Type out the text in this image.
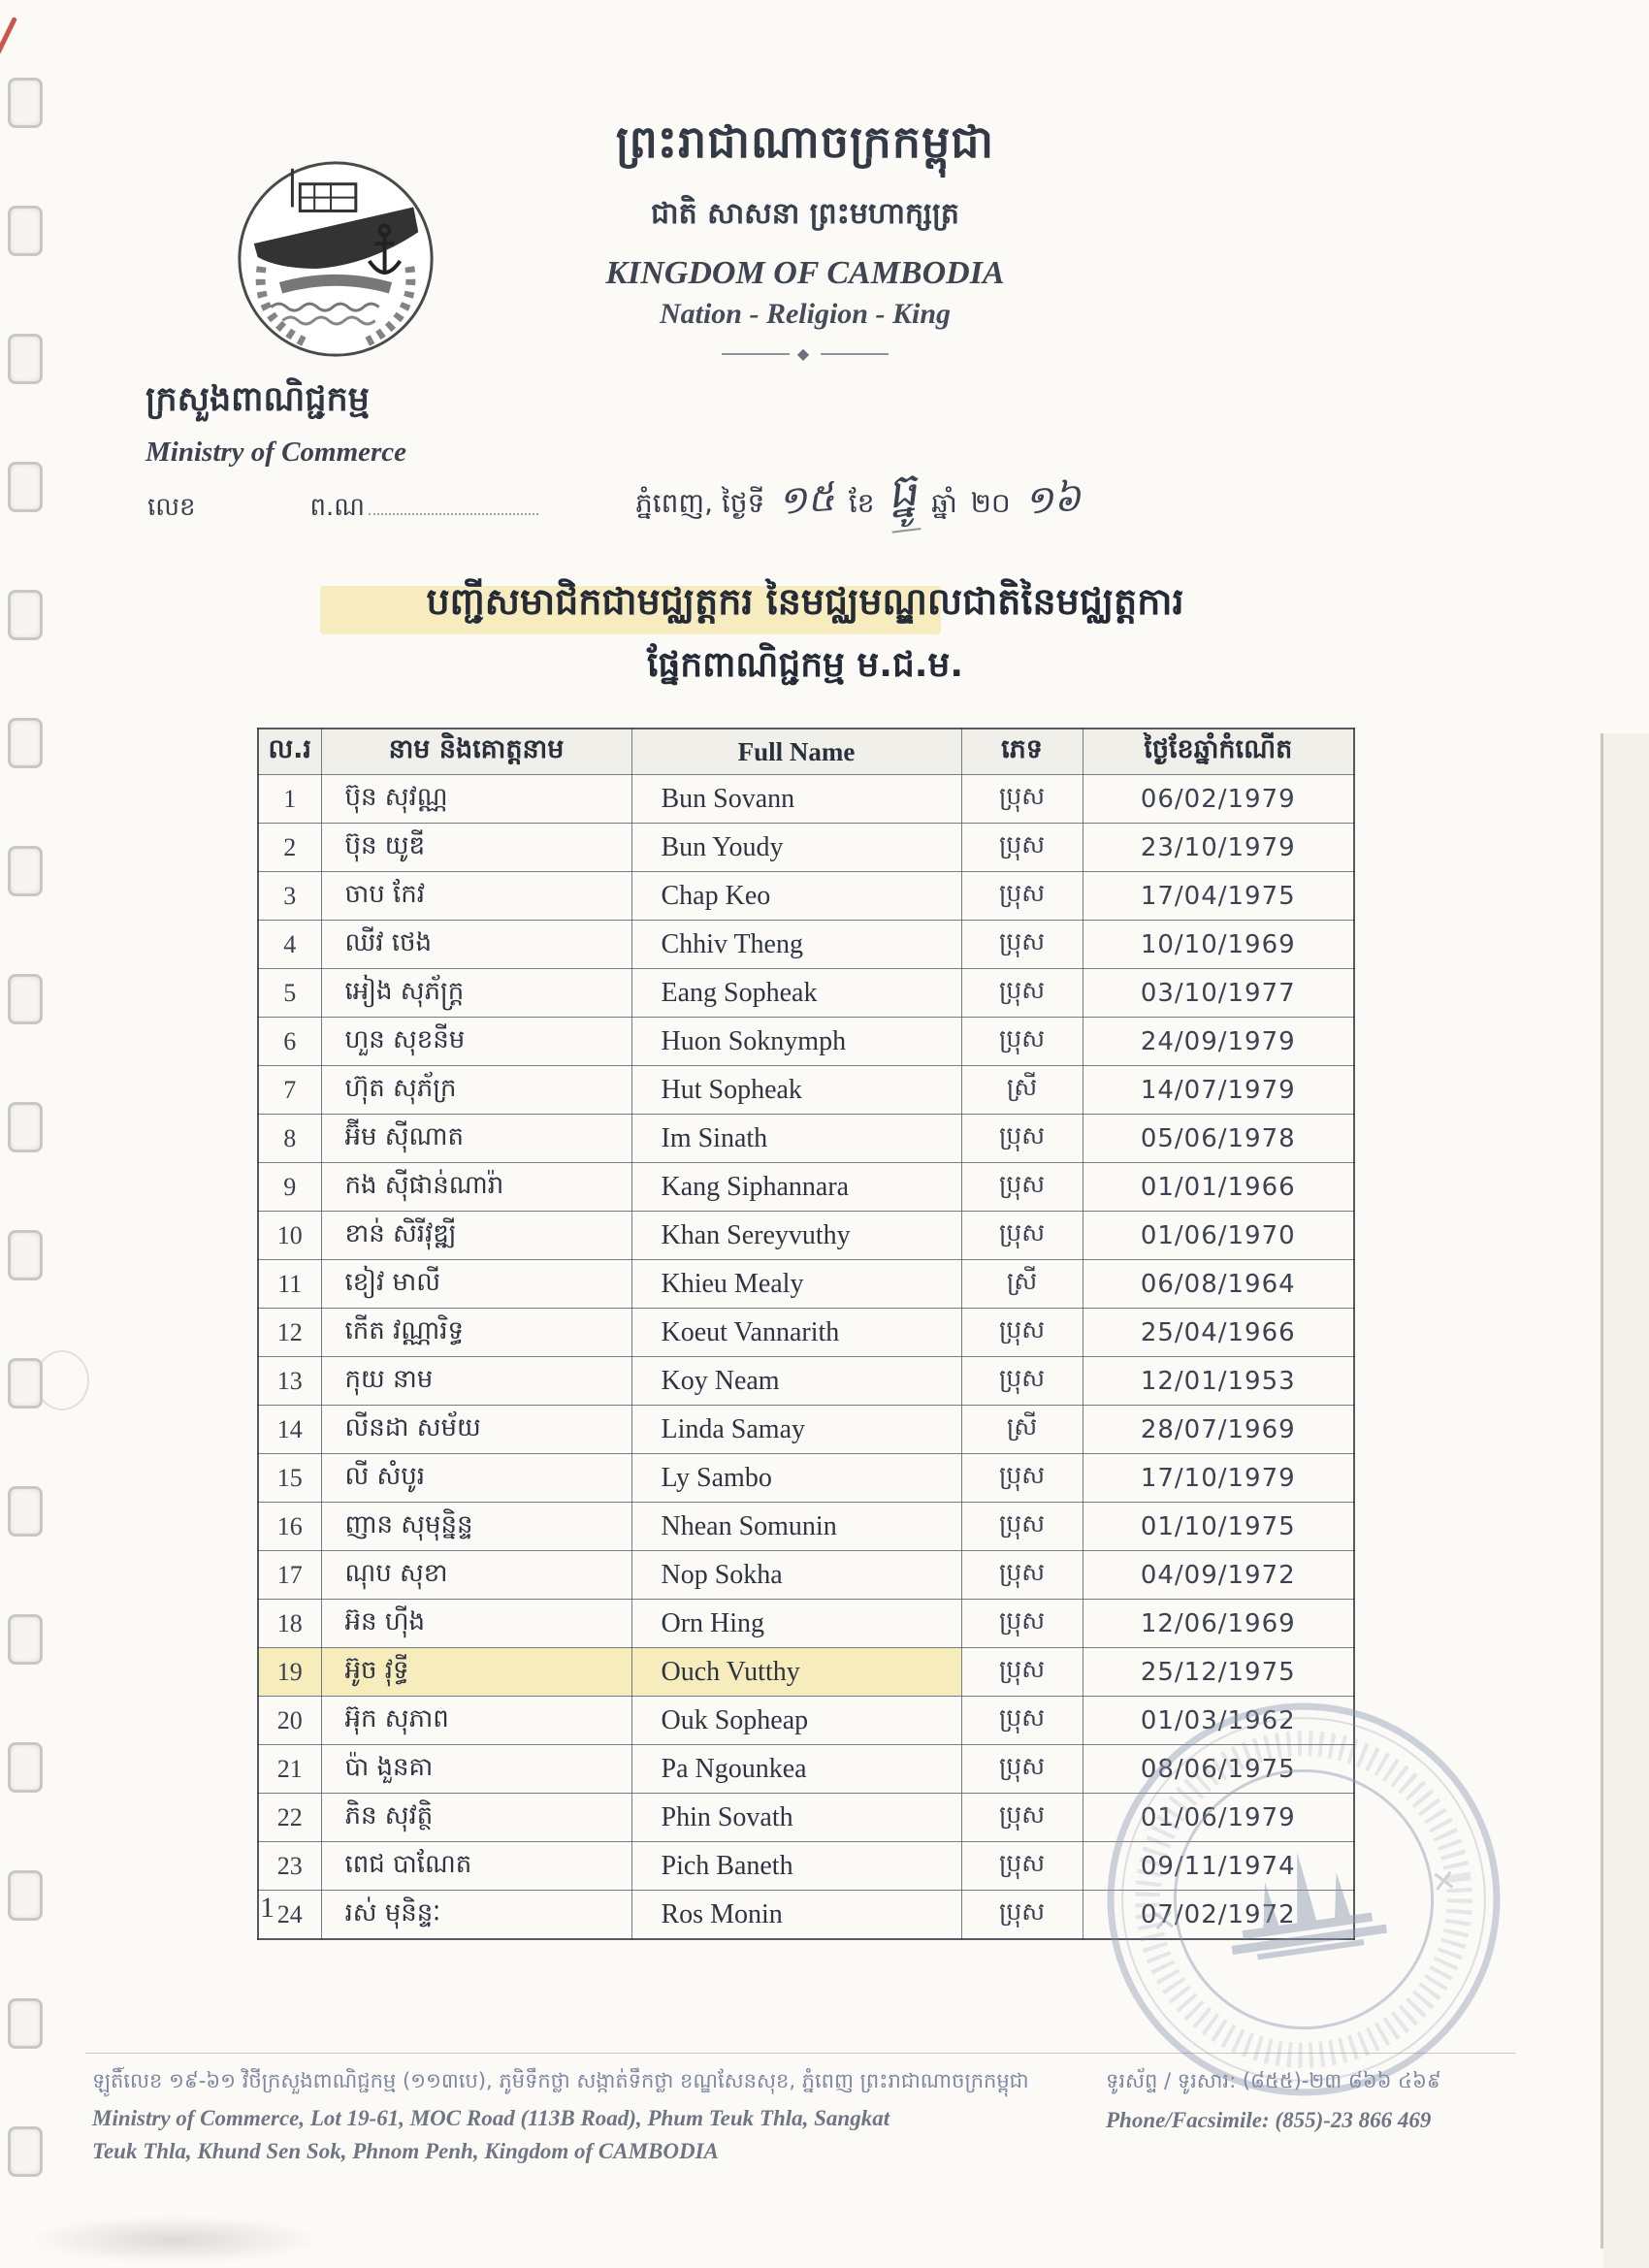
ព្រះរាជាណាចក្រកម្ពុជា
ជាតិ សាសនា ព្រះមហាក្សត្រ
KINGDOM OF CAMBODIA
Nation - Religion - King
◆
ក្រសួងពាណិជ្ជកម្ម
Ministry of Commerce
លេខ	ព.ណ	ភ្នំពេញ, ថ្ងៃទី ១៥ ខែ ធ្នូ ឆ្នាំ ២០ ១៦
បញ្ជីសមាជិកជាមជ្ឈត្តករ នៃមជ្ឈមណ្ឌលជាតិនៃមជ្ឈត្តការ
ផ្នែកពាណិជ្ជកម្ម ម.ជ.ម.
ល.រ	នាម និងគោត្តនាម	Full Name	ភេទ	ថ្ងៃខែឆ្នាំកំណើត
1	ប៊ុន សុវណ្ណ	Bun Sovann	ប្រុស	06/02/1979
2	ប៊ុន យូឌី	Bun Youdy	ប្រុស	23/10/1979
3	ចាប កែវ	Chap Keo	ប្រុស	17/04/1975
4	ឈីវ ថេង	Chhiv Theng	ប្រុស	10/10/1969
5	អៀង សុភ័ក្ត្រ	Eang Sopheak	ប្រុស	03/10/1977
6	ហួន សុខនីម	Huon Soknymph	ប្រុស	24/09/1979
7	ហ៊ុត សុភ័ក្រ	Hut Sopheak	ស្រី	14/07/1979
8	អ៊ីម ស៊ីណាត	Im Sinath	ប្រុស	05/06/1978
9	កង ស៊ីផាន់ណារ៉ា	Kang Siphannara	ប្រុស	01/01/1966
10	ខាន់ សិរីវុឌ្ឍី	Khan Sereyvuthy	ប្រុស	01/06/1970
11	ខៀវ មាលី	Khieu Mealy	ស្រី	06/08/1964
12	កើត វណ្ណារិទ្ធ	Koeut Vannarith	ប្រុស	25/04/1966
13	កុយ នាម	Koy Neam	ប្រុស	12/01/1953
14	លីនដា សម័យ	Linda Samay	ស្រី	28/07/1969
15	លី សំបូរ	Ly Sambo	ប្រុស	17/10/1979
16	ញាន សុមុន្និន្ទ	Nhean Somunin	ប្រុស	01/10/1975
17	ណុប សុខា	Nop Sokha	ប្រុស	04/09/1972
18	អ៊ន ហ៊ីង	Orn Hing	ប្រុស	12/06/1969
19	អ៊ូច វុទ្ធី	Ouch Vutthy	ប្រុស	25/12/1975
20	អ៊ុក សុភាព	Ouk Sopheap	ប្រុស	01/03/1962
21	ប៉ា ងួនគា	Pa Ngounkea	ប្រុស	08/06/1975
22	ភិន សុវត្ថិ	Phin Sovath	ប្រុស	01/06/1979
23	ពេជ បាណែត	Pich Baneth	ប្រុស	09/11/1974
24	រស់ មុនិន្ទៈ	Ros Monin	ប្រុស	07/02/1972
1
ឡូតិ៍លេខ ១៩-៦១ វិថីក្រសួងពាណិជ្ជកម្ម (១១៣បេ), ភូមិទឹកថ្លា សង្កាត់ទឹកថ្លា ខណ្ឌសែនសុខ, ភ្នំពេញ ព្រះរាជាណាចក្រកម្ពុជា
Ministry of Commerce, Lot 19-61, MOC Road (113B Road), Phum Teuk Thla, Sangkat
Teuk Thla, Khund Sen Sok, Phnom Penh, Kingdom of CAMBODIA
ទូរស័ព្ទ / ទូរសារ: (៨៥៥)-២៣ ៨៦៦ ៤៦៩
Phone/Facsimile: (855)-23 866 469
